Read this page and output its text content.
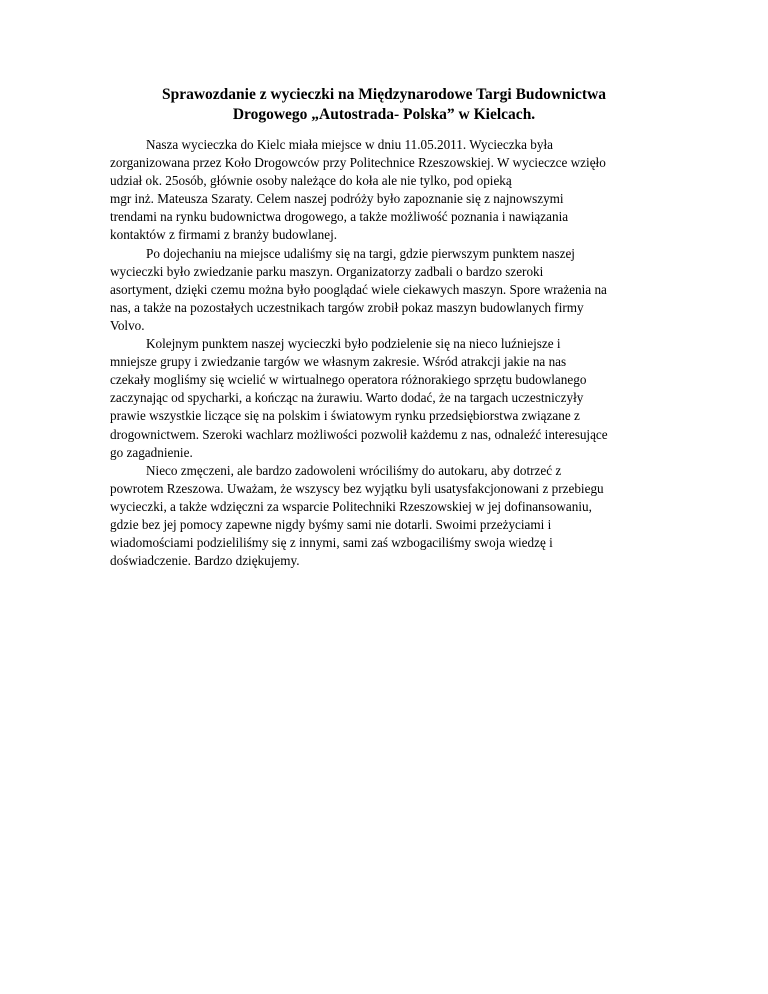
Sprawozdanie z wycieczki na Międzynarodowe Targi Budownictwa
Drogowego „Autostrada- Polska” w Kielcach.
Nasza wycieczka do Kielc miała miejsce w dniu 11.05.2011. Wycieczka była
zorganizowana przez Koło Drogowców przy Politechnice Rzeszowskiej. W wycieczce wzięło
udział ok. 25osób, głównie osoby należące do koła ale nie tylko, pod opieką
mgr inż. Mateusza Szaraty. Celem naszej podróży było zapoznanie się z najnowszymi
trendami na rynku budownictwa drogowego, a także możliwość poznania i nawiązania
kontaktów z firmami z branży budowlanej.
Po dojechaniu na miejsce udaliśmy się na targi, gdzie pierwszym punktem naszej
wycieczki było zwiedzanie parku maszyn. Organizatorzy zadbali o bardzo szeroki
asortyment, dzięki czemu można było pooglądać wiele ciekawych maszyn. Spore wrażenia na
nas, a także na pozostałych uczestnikach targów zrobił pokaz maszyn budowlanych firmy
Volvo.
Kolejnym punktem naszej wycieczki było podzielenie się na nieco luźniejsze i
mniejsze grupy i zwiedzanie targów we własnym zakresie. Wśród atrakcji jakie na nas
czekały mogliśmy się wcielić w wirtualnego operatora różnorakiego sprzętu budowlanego
zaczynając od spycharki, a kończąc na żurawiu. Warto dodać, że na targach uczestniczyły
prawie wszystkie liczące się na polskim i światowym rynku przedsiębiorstwa związane z
drogownictwem. Szeroki wachlarz możliwości pozwolił każdemu z nas, odnaleźć interesujące
go zagadnienie.
Nieco zmęczeni, ale bardzo zadowoleni wróciliśmy do autokaru, aby dotrzeć z
powrotem Rzeszowa. Uważam, że wszyscy bez wyjątku byli usatysfakcjonowani z przebiegu
wycieczki, a także wdzięczni za wsparcie Politechniki Rzeszowskiej w jej dofinansowaniu,
gdzie bez jej pomocy zapewne nigdy byśmy sami nie dotarli. Swoimi przeżyciami i
wiadomościami podzieliliśmy się z innymi, sami zaś wzbogaciliśmy swoja wiedzę i
doświadczenie. Bardzo dziękujemy.
